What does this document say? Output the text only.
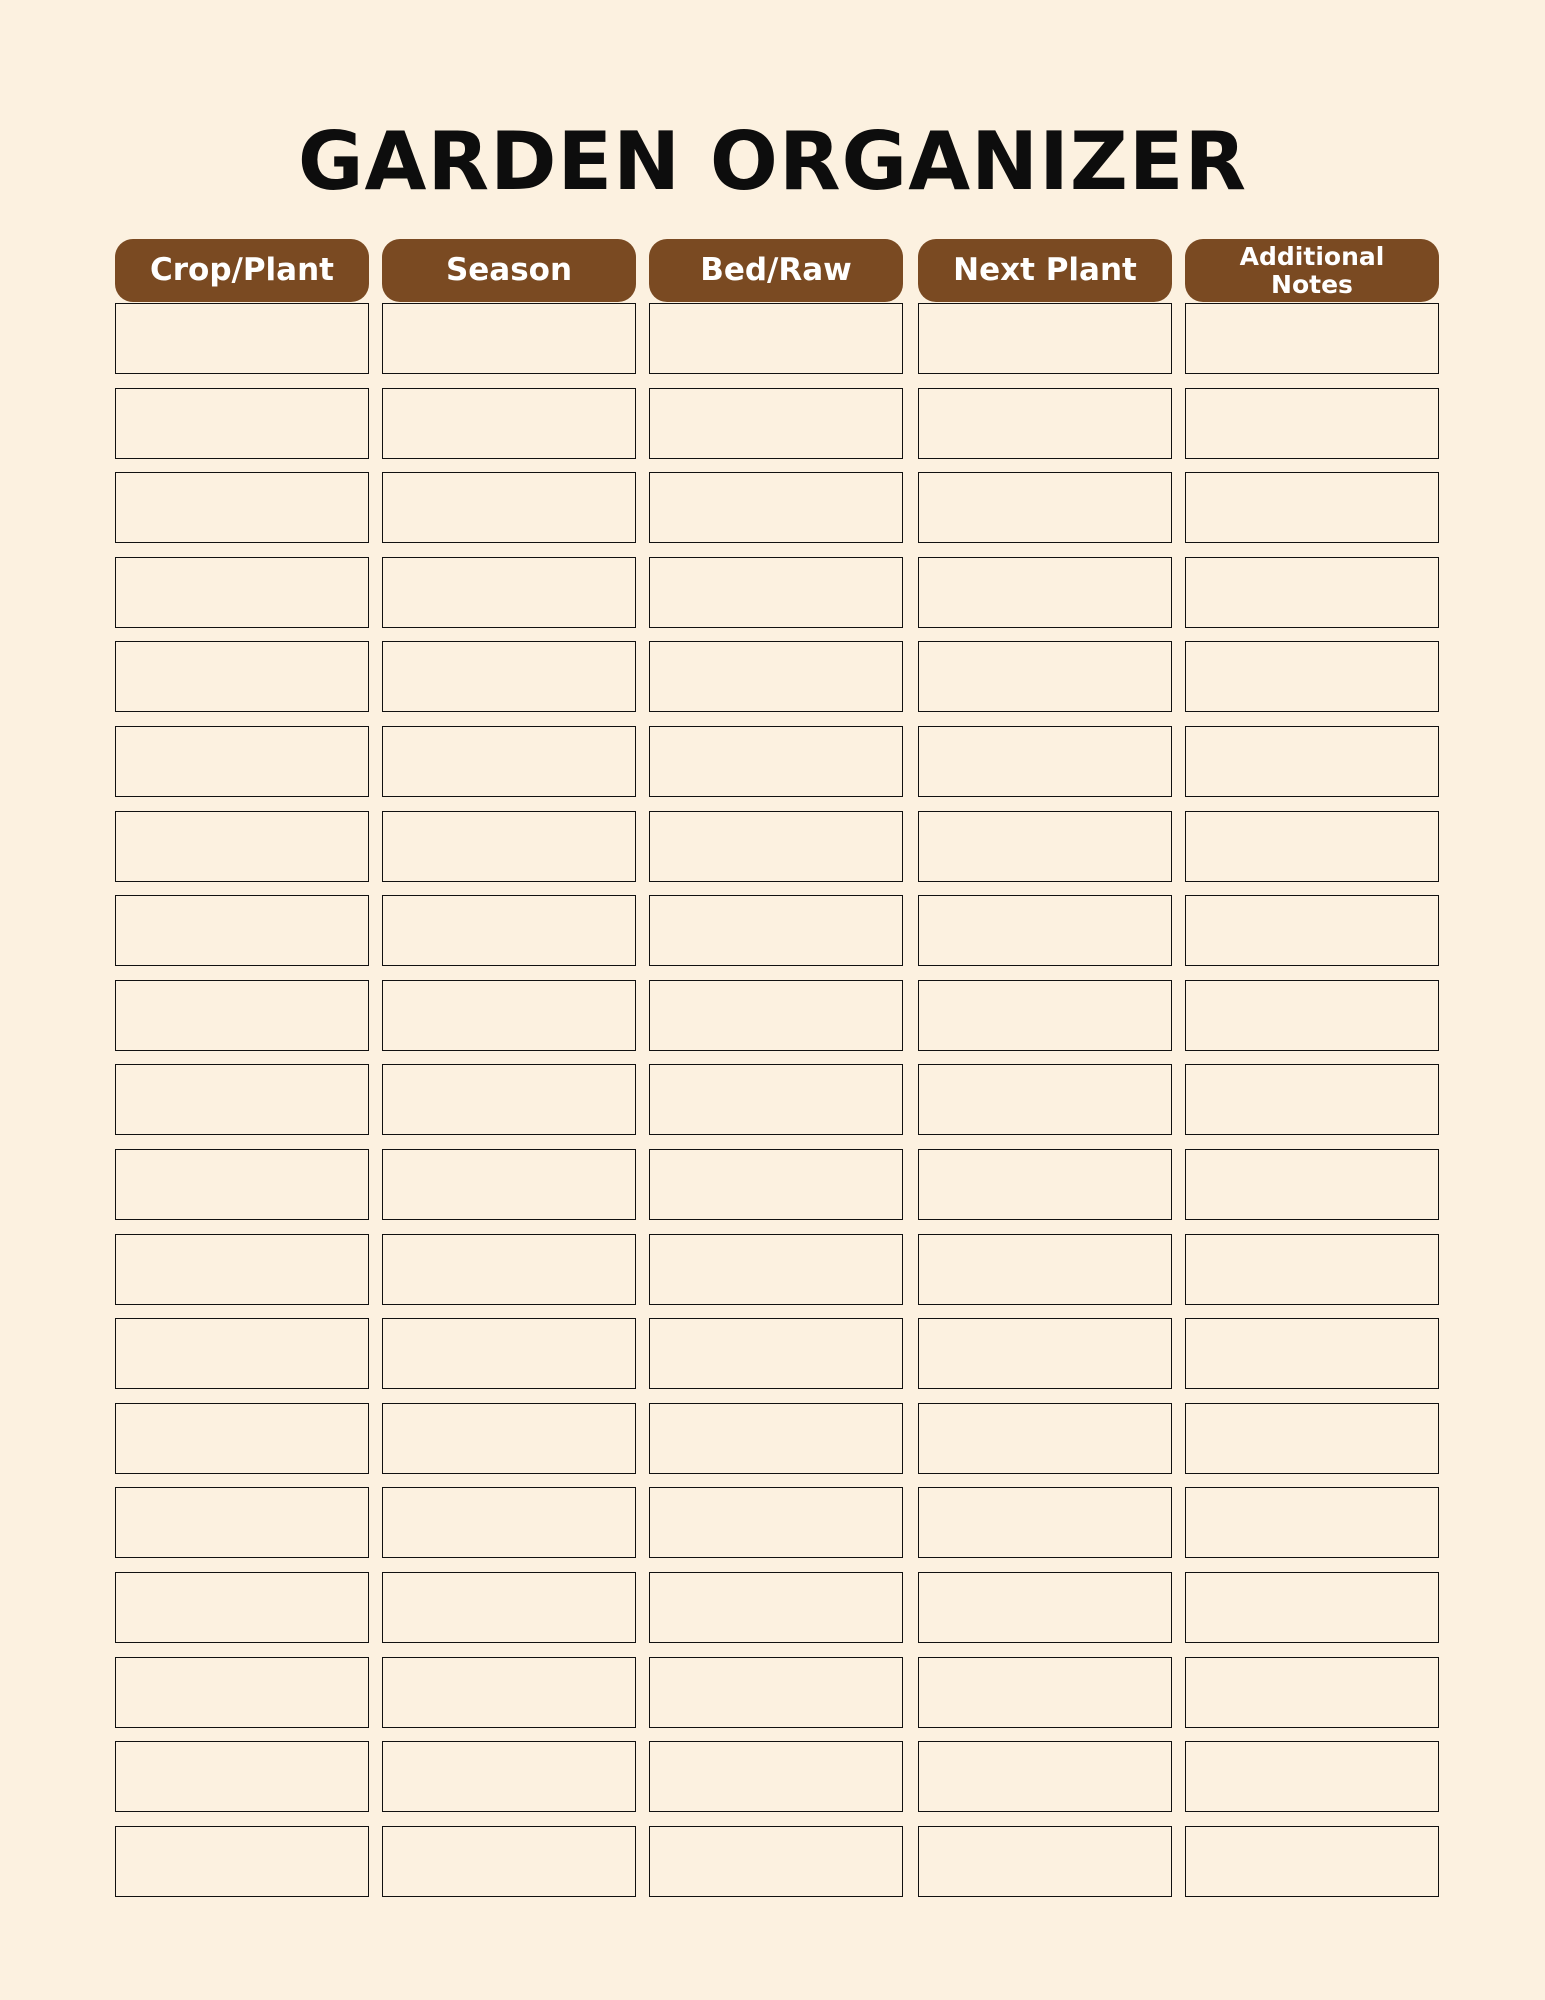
GARDEN ORGANIZER
Crop/Plant	Season	Bed/Raw	Next Plant	Additional Notes
